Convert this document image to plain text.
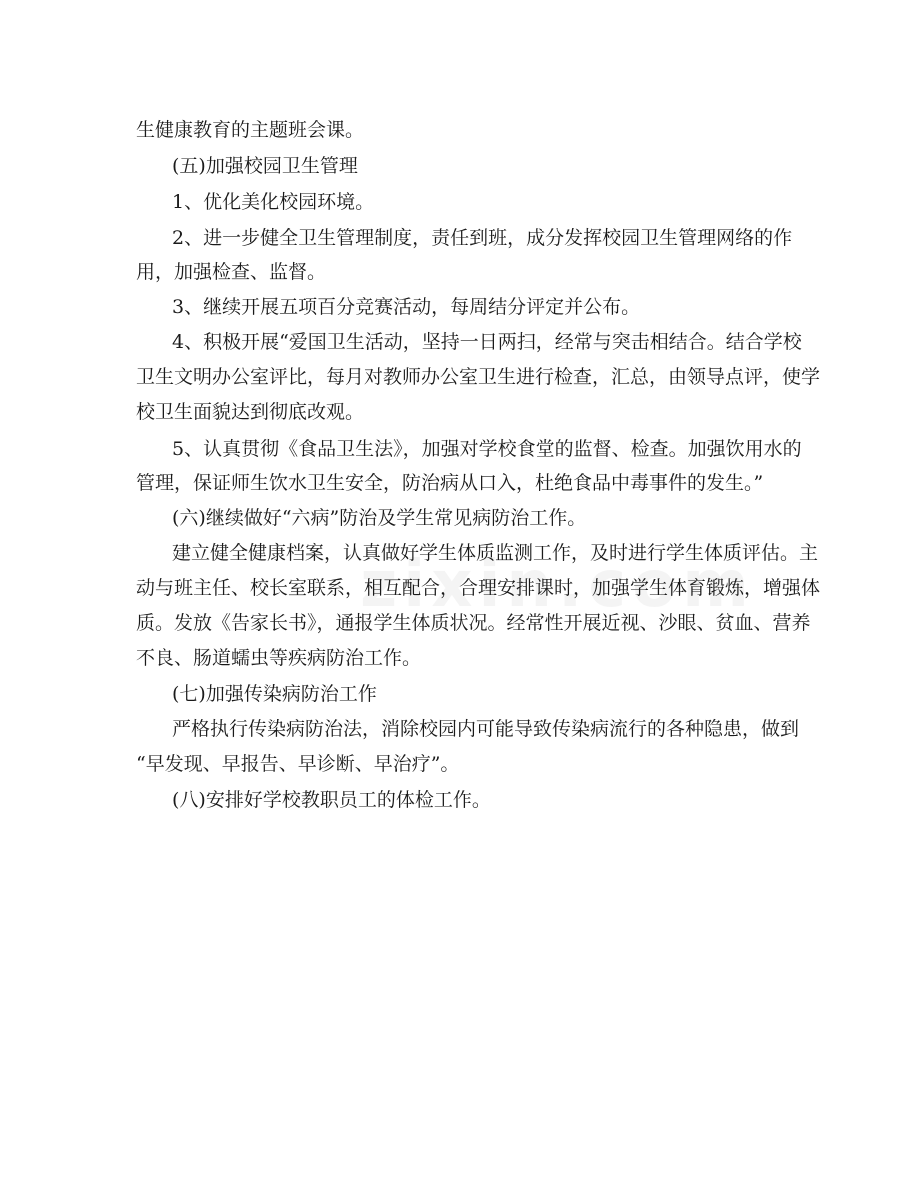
生健康教育的主题班会课。
(五)加强校园卫生管理
1、优化美化校园环境。
2、进一步健全卫生管理制度，责任到班，成分发挥校园卫生管理网络的作
用，加强检查、监督。
3、继续开展五项百分竞赛活动，每周结分评定并公布。
4、积极开展“爱国卫生活动，坚持一日两扫，经常与突击相结合。结合学校
卫生文明办公室评比，每月对教师办公室卫生进行检查，汇总，由领导点评，使学
校卫生面貌达到彻底改观。
5、认真贯彻《食品卫生法》，加强对学校食堂的监督、检查。加强饮用水的
管理，保证师生饮水卫生安全，防治病从口入，杜绝食品中毒事件的发生。”
(六)继续做好“六病”防治及学生常见病防治工作。
建立健全健康档案，认真做好学生体质监测工作，及时进行学生体质评估。主
动与班主任、校长室联系，相互配合，合理安排课时，加强学生体育锻炼，增强体
质。发放《告家长书》，通报学生体质状况。经常性开展近视、沙眼、贫血、营养
不良、肠道蠕虫等疾病防治工作。
(七)加强传染病防治工作
严格执行传染病防治法，消除校园内可能导致传染病流行的各种隐患，做到
“早发现、早报告、早诊断、早治疗”。
(八)安排好学校教职员工的体检工作。
